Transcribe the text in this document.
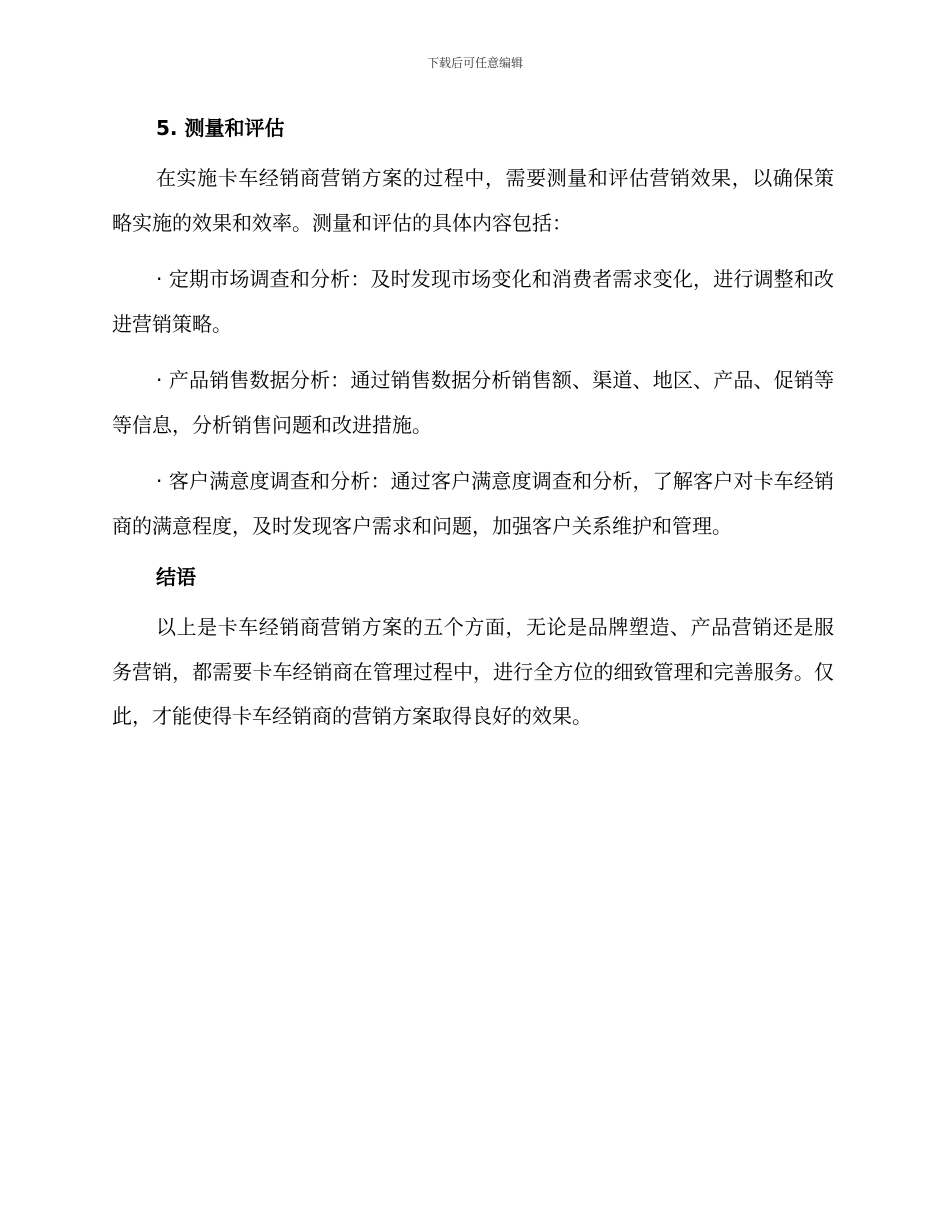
下载后可任意编辑
5. 测量和评估

在实施卡车经销商营销方案的过程中，需要测量和评估营销效果，以确保策略实施的效果和效率。测量和评估的具体内容包括：

· 定期市场调查和分析：及时发现市场变化和消费者需求变化，进行调整和改进营销策略。

· 产品销售数据分析：通过销售数据分析销售额、渠道、地区、产品、促销等等信息，分析销售问题和改进措施。

· 客户满意度调查和分析：通过客户满意度调查和分析，了解客户对卡车经销商的满意程度，及时发现客户需求和问题，加强客户关系维护和管理。

结语

以上是卡车经销商营销方案的五个方面，无论是品牌塑造、产品营销还是服务营销，都需要卡车经销商在管理过程中，进行全方位的细致管理和完善服务。仅此，才能使得卡车经销商的营销方案取得良好的效果。
